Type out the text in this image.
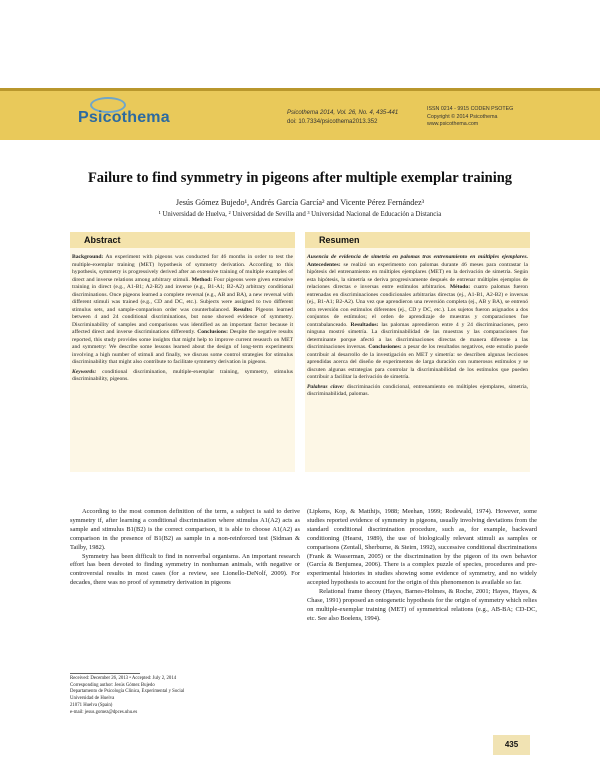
Psicothema	Psicothema 2014, Vol. 26, No. 4, 435-441
doi: 10.7334/psicothema2013.352
ISSN 0214 - 9915 CODEN PSOTEG
Copyright © 2014 Psicothema
www.psicothema.com
Failure to find symmetry in pigeons after multiple exemplar training
Jesús Gómez Bujedo¹, Andrés García García² and Vicente Pérez Fernández³
¹ Universidad de Huelva, ² Universidad de Sevilla and ³ Universidad Nacional de Educación a Distancia
Abstract
Background: An experiment with pigeons was conducted for 46 months in order to test the multiple-exemplar training (MET) hypothesis of symmetry derivation. According to this hypothesis, symmetry is progressively derived after an extensive training of multiple examples of direct and inverse relations among arbitrary stimuli. Method: Four pigeons were given extensive training in direct (e.g., A1-B1; A2-B2) and inverse (e.g., B1-A1; B2-A2) arbitrary conditional discriminations. Once pigeons learned a complete reversal (e.g., AB and BA), a new reversal with different stimuli was trained (e.g., CD and DC, etc.). Subjects were assigned to two different stimulus sets, and sample-comparison order was counterbalanced. Results: Pigeons learned between 4 and 24 conditional discriminations, but none showed evidence of symmetry. Discriminability of samples and comparisons was identified as an important factor because it affected direct and inverse discriminations differently. Conclusions: Despite the negative results reported, this study provides some insights that might help to improve current research on MET and symmetry: We describe some lessons learned about the design of long-term experiments involving a high number of stimuli and finally, we discuss some control strategies for stimulus discriminability that might also contribute to facilitate symmetry derivation in pigeons.
Keywords: conditional discrimination, multiple-exemplar training, symmetry, stimulus discriminability, pigeons.
Resumen
Ausencia de evidencia de simetría en palomas tras entrenamiento en múltiples ejemplares. Antecedentes: se realizó un experimento con palomas durante 46 meses para contrastar la hipótesis del entrenamiento en múltiples ejemplares (MET) en la derivación de simetría. Según esta hipótesis, la simetría se deriva progresivamente después de entrenar múltiples ejemplos de relaciones directas e inversas entre estímulos arbitrarios. Método: cuatro palomas fueron entrenadas en discriminaciones condicionales arbitrarias directas (ej., A1-B1, A2-B2) e inversas (ej., B1-A1; B2-A2). Una vez que aprendieron una reversión completa (ej., AB y BA), se entrenó otra reversión con estímulos diferentes (ej., CD y DC, etc.). Los sujetos fueron asignados a dos conjuntos de estímulos; el orden de aprendizaje de muestras y comparaciones fue contrabalanceado. Resultados: las palomas aprendieron entre 4 y 24 discriminaciones, pero ninguna mostró simetría. La discriminabilidad de las muestras y las comparaciones fue determinante porque afectó a las discriminaciones directas de manera diferente a las discriminaciones inversas. Conclusiones: a pesar de los resultados negativos, este estudio puede contribuir al desarrollo de la investigación en MET y simetría: se describen algunas lecciones aprendidas acerca del diseño de experimentos de larga duración con numerosos estímulos y se discuten algunas estrategias para controlar la discriminabilidad de los estímulos que pueden contribuir a facilitar la derivación de simetría.
Palabras clave: discriminación condicional, entrenamiento en múltiples ejemplares, simetría, discriminabilidad, palomas.

According to the most common definition of the term, a subject is said to derive symmetry if, after learning a conditional discrimination where stimulus A1(A2) acts as sample and stimulus B1(B2) is the correct comparison, it is able to choose A1(A2) as comparison in the presence of B1(B2) as sample in a non-reinforced test (Sidman & Tailby, 1982).

Symmetry has been difficult to find in nonverbal organisms. An important research effort has been devoted to finding symmetry in nonhuman animals, with negative or controversial results in most cases (for a review, see Lionello-DeNolf, 2009). For decades, there was no proof of symmetry derivation in pigeons

(Lipkens, Kop, & Matthijs, 1988; Meehan, 1999; Rodewald, 1974). However, some studies reported evidence of symmetry in pigeons, usually involving deviations from the standard conditional discrimination procedure, such as, for example, backward conditioning (Hearst, 1989), the use of biologically relevant stimuli as samples or comparisons (Zentall, Sherburne, & Steirn, 1992), successive conditional discriminations (Frank & Wasserman, 2005) or the discrimination by the pigeon of its own behavior (García & Benjumea, 2006). There is a complex puzzle of species, procedures and pre-experimental histories in studies showing some evidence of symmetry, and no widely accepted hypothesis to account for the origin of this phenomenon is available so far.

Relational frame theory (Hayes, Barnes-Holmes, & Roche, 2001; Hayes, Hayes, & Chase, 1991) proposed an ontogenetic hypothesis for the origin of symmetry which relies on multiple-exemplar training (MET) of symmetrical relations (e.g., AB-BA; CD-DC, etc. See also Boelens, 1994).

Received: December 26, 2013 • Accepted: July 2, 2014
Corresponding author: Jesús Gómez Bujedo
Departamento de Psicología Clínica, Experimental y Social
Universidad de Huelva
21071 Huelva (Spain)
e-mail: jesus.gomez@dpces.uhu.es
435
